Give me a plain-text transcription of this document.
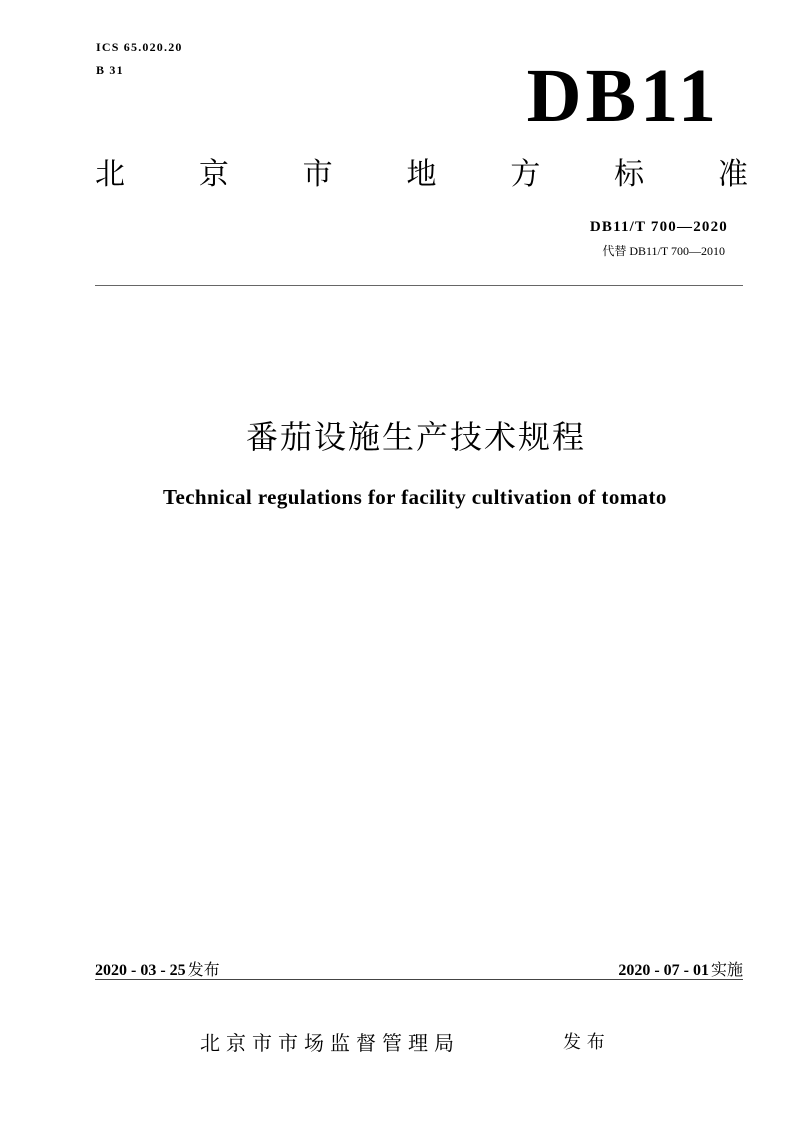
ICS 65.020.20
B 31	DB11
北 京 市 地 方 标 准
DB11/T 700—2020
代替 DB11/T 700—2010
番茄设施生产技术规程
Technical regulations for facility cultivation of tomato
2020 - 03 - 25 发布	2020 - 07 - 01 实施
北京市市场监督管理局	发 布
